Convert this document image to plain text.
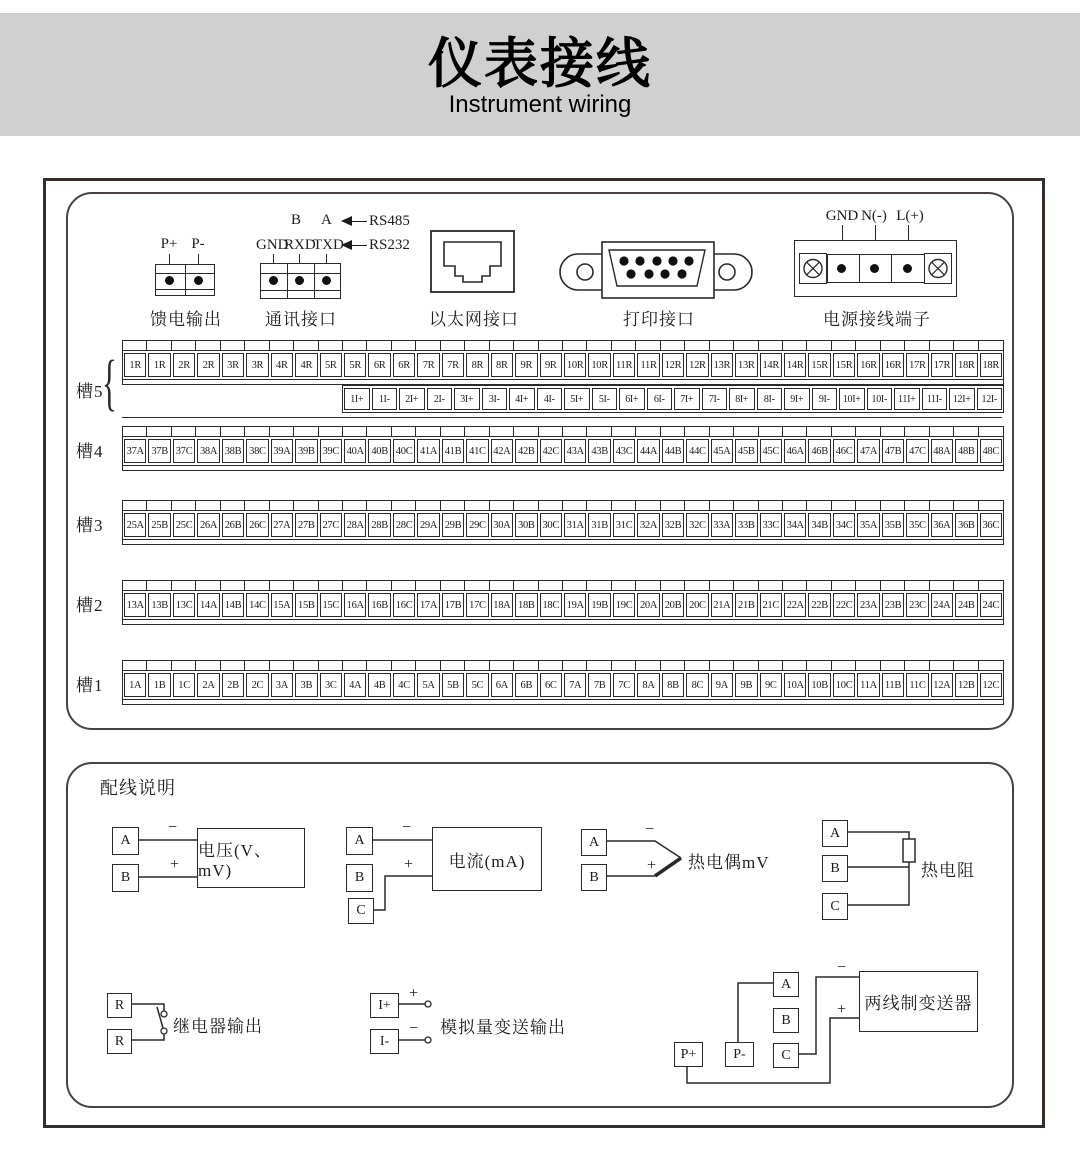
仪表接线
Instrument wiring
P+ P-
馈电输出
B A RS485
GND
RXD
TXD RS232
通讯接口	以太网接口	打印接口
GND N(-) L(+)
电源接线端子
槽5
{	1R	1R	2R	2R	3R	3R	4R	4R	5R	5R	6R	6R	7R	7R	8R	8R	9R	9R 10R 10R 11R 11R 12R 12R 13R 13R 14R 14R 15R 15R 16R 16R 17R 17R 18R 18R
1I+	1I-	2I+	2I-	3I+	3I-	4I+	4I-	5I+	5I-	6I+	6I-	7I+	7I-	8I+	8I-	9I+	9I-	10I+	10I-	11I+	11I-	12I+	12I-
槽4 37A 37B 37C 38A 38B 38C 39A 39B 39C 40A 40B 40C 41A 41B 41C 42A 42B 42C 43A 43B 43C 44A 44B 44C 45A 45B 45C 46A 46B 46C 47A 47B 47C 48A 48B 48C
槽3 25A 25B 25C 26A 26B 26C 27A 27B 27C 28A 28B 28C 29A 29B 29C 30A 30B 30C 31A 31B 31C 32A 32B 32C 33A 33B 33C 34A 34B 34C 35A 35B 35C 36A 36B 36C
槽2 13A 13B 13C 14A 14B 14C 15A 15B 15C 16A 16B 16C 17A 17B 17C 18A 18B 18C 19A 19B 19C 20A 20B 20C 21A 21B 21C 22A 22B 22C 23A 23B 23C 24A 24B 24C
槽1	1A	1B	1C	2A	2B	2C	3A	3B	3C	4A	4B	4C	5A	5B	5C	6A	6B	6C	7A	7B	7C	8A	8B	8C	9A	9B	9C 10A 10B 10C 11A 11B 11C 12A 12B 12C
配线说明
A
B
−
+
电压(V、mV)
A
B
C
−
+	电流(mA)
A
B
−
+ 热电偶mV
A
B
C
热电阻
R
R
继电器输出
I+
I-
+
− 模拟量变送输出
A
B
C
P+	P-
−
+	两线制变送器
